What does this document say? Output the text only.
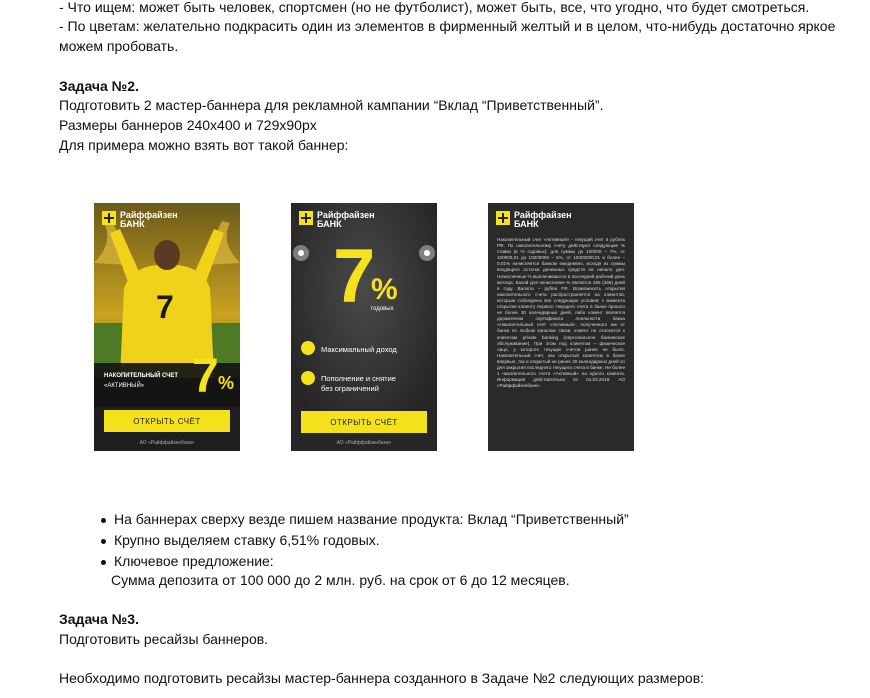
- Что ищем: может быть человек, спортсмен (но не футболист), может быть, все, что угодно, что будет смотреться.
- По цветам: желательно подкрасить один из элементов в фирменный желтый и в целом, что-нибудь достаточно яркое
можем пробовать.
Задача №2.
Подготовить 2 мастер-баннера для рекламной кампании “Вклад “Приветственный”.
Размеры баннеров 240x400 и 729x90px
Для примера можно взять вот такой баннер:
Райффайзен
БАНК
7
НАКОПИТЕЛЬНЫЙ СЧЕТ
«АКТИВНЫЙ» 7 %
ОТКРЫТЬ СЧЁТ
АО «Райффайзенбанк»
Райффайзен
БАНК
7
%
годовых
Максимальный доход
Пополнение и снятие
без ограничений
ОТКРЫТЬ СЧЁТ
АО «Райффайзенбанк»
Райффайзен
БАНК
Накопительный счет «Активный» - текущий счет в рублях РФ. По накопительному счету действуют следующие % ставки (в % годовых): для суммы до 100000 – 7%, от 100000,01 до 10000000 – 5%, от 10000000,01 и более – 0,01% начисляется банком ежедневно, исходя из суммы входящего остатка денежных средств на начало дня. Начисленные % выплачиваются в последний рабочий день месяца. Базой для начисления % является 365 (366) дней в году. Валюта – рубли РФ. Возможность открытия накопительного счета распространяется на клиентов, которым соблюдены все следующие условия: с момента открытия клиенту первого текущего счета в банке прошло не более 30 календарных дней, либо клиент является держателем сертификата лояльности банка «Накопительный счет «Активный», полученного им от банка по любым каналам связи, клиент не относится к клиентам private banking (персональное банковское обслуживание). При этом под клиентом – физическое лицо, у которого текущих счетов ранее не было. Накопительный счет, как открытый клиентом в банке впервые, так и открытый не ранее 30 календарных дней со дня закрытия последнего текущего счета в банке. Не более 1 накопительного счета «Активный» на одного клиента. Информация действительна по 01.03.2018. АО «Райффайзенбанк».
На баннерах сверху везде пишем название продукта: Вклад “Приветственный”
Крупно выделяем ставку 6,51% годовых.
Ключевое предложение:
Сумма депозита от 100 000 до 2 млн. руб. на срок от 6 до 12 месяцев.
Задача №3.
Подготовить ресайзы баннеров.
Необходимо подготовить ресайзы мастер-баннера созданного в Задаче №2 следующих размеров:
